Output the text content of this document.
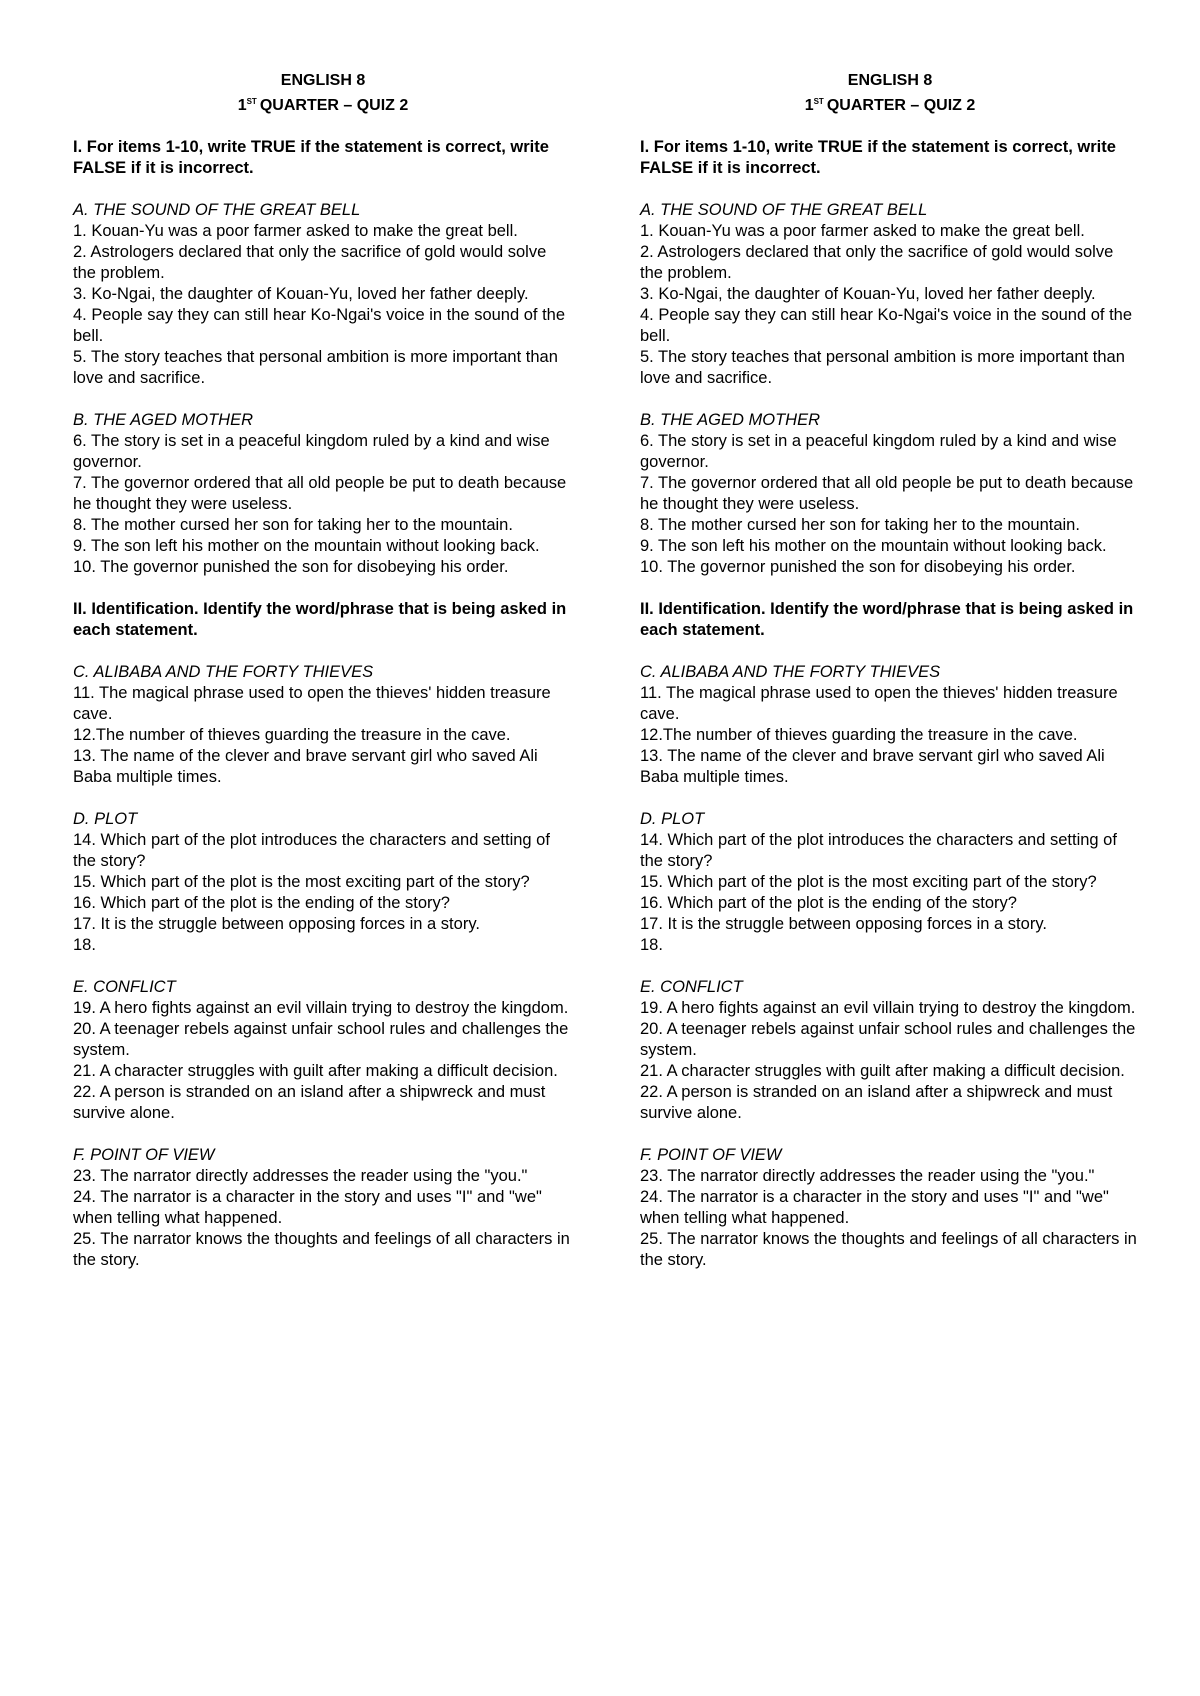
ENGLISH 8

1ST QUARTER – QUIZ 2

I. For items 1-10, write TRUE if the statement is correct, write FALSE if it is incorrect.

A. THE SOUND OF THE GREAT BELL

1. Kouan-Yu was a poor farmer asked to make the great bell.

2. Astrologers declared that only the sacrifice of gold would solve the problem.

3. Ko-Ngai, the daughter of Kouan-Yu, loved her father deeply.

4. People say they can still hear Ko-Ngai's voice in the sound of the bell.

5. The story teaches that personal ambition is more important than love and sacrifice.

B. THE AGED MOTHER

6. The story is set in a peaceful kingdom ruled by a kind and wise governor.

7. The governor ordered that all old people be put to death because he thought they were useless.

8. The mother cursed her son for taking her to the mountain.

9. The son left his mother on the mountain without looking back.

10. The governor punished the son for disobeying his order.

II. Identification. Identify the word/phrase that is being asked in each statement.

C. ALIBABA AND THE FORTY THIEVES

11. The magical phrase used to open the thieves' hidden treasure cave.

12.The number of thieves guarding the treasure in the cave.

13. The name of the clever and brave servant girl who saved Ali Baba multiple times.

D. PLOT

14. Which part of the plot introduces the characters and setting of the story?

15. Which part of the plot is the most exciting part of the story?

16. Which part of the plot is the ending of the story?

17. It is the struggle between opposing forces in a story.

18.

E. CONFLICT

19. A hero fights against an evil villain trying to destroy the kingdom.

20. A teenager rebels against unfair school rules and challenges the system.

21. A character struggles with guilt after making a difficult decision.

22. A person is stranded on an island after a shipwreck and must survive alone.

F. POINT OF VIEW

23. The narrator directly addresses the reader using the "you."

24. The narrator is a character in the story and uses "I" and "we" when telling what happened.

25. The narrator knows the thoughts and feelings of all characters in the story.

ENGLISH 8

1ST QUARTER – QUIZ 2

I. For items 1-10, write TRUE if the statement is correct, write FALSE if it is incorrect.

A. THE SOUND OF THE GREAT BELL

1. Kouan-Yu was a poor farmer asked to make the great bell.

2. Astrologers declared that only the sacrifice of gold would solve the problem.

3. Ko-Ngai, the daughter of Kouan-Yu, loved her father deeply.

4. People say they can still hear Ko-Ngai's voice in the sound of the bell.

5. The story teaches that personal ambition is more important than love and sacrifice.

B. THE AGED MOTHER

6. The story is set in a peaceful kingdom ruled by a kind and wise governor.

7. The governor ordered that all old people be put to death because he thought they were useless.

8. The mother cursed her son for taking her to the mountain.

9. The son left his mother on the mountain without looking back.

10. The governor punished the son for disobeying his order.

II. Identification. Identify the word/phrase that is being asked in each statement.

C. ALIBABA AND THE FORTY THIEVES

11. The magical phrase used to open the thieves' hidden treasure cave.

12.The number of thieves guarding the treasure in the cave.

13. The name of the clever and brave servant girl who saved Ali Baba multiple times.

D. PLOT

14. Which part of the plot introduces the characters and setting of the story?

15. Which part of the plot is the most exciting part of the story?

16. Which part of the plot is the ending of the story?

17. It is the struggle between opposing forces in a story.

18.

E. CONFLICT

19. A hero fights against an evil villain trying to destroy the kingdom.

20. A teenager rebels against unfair school rules and challenges the system.

21. A character struggles with guilt after making a difficult decision.

22. A person is stranded on an island after a shipwreck and must survive alone.

F. POINT OF VIEW

23. The narrator directly addresses the reader using the "you."

24. The narrator is a character in the story and uses "I" and "we" when telling what happened.

25. The narrator knows the thoughts and feelings of all characters in the story.
